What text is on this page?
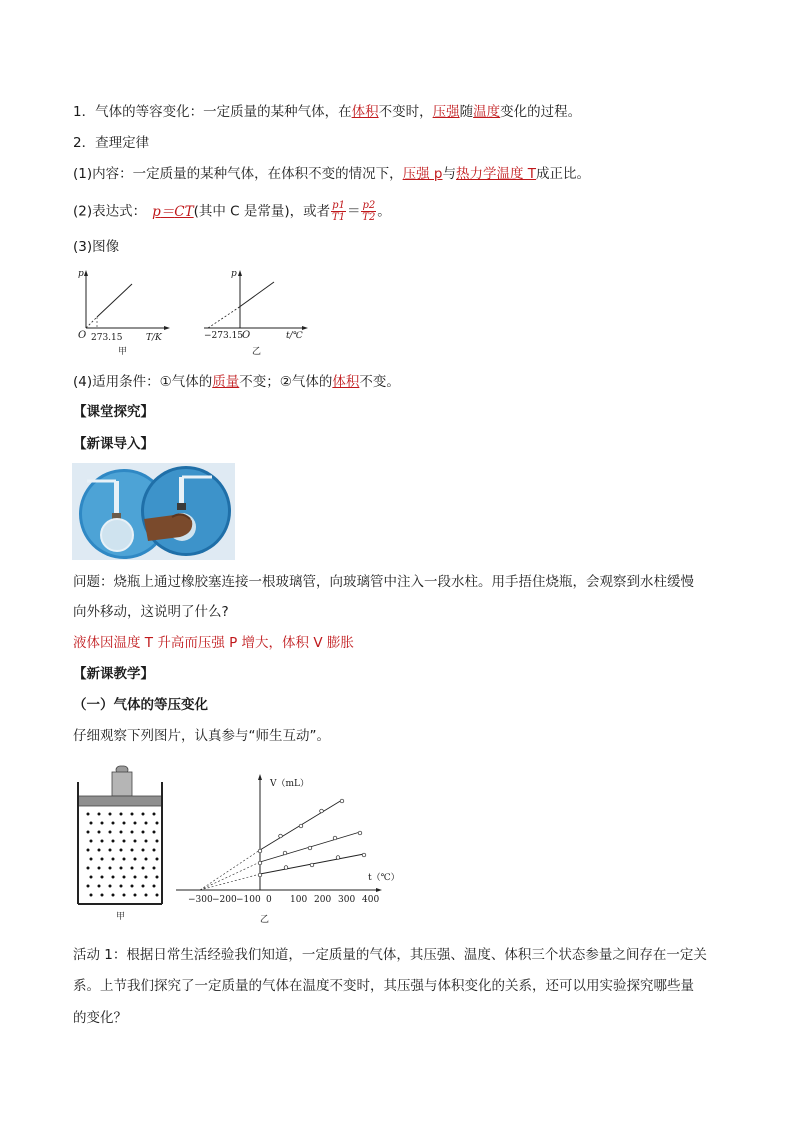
1．气体的等容变化：一定质量的某种气体，在体积不变时，压强随温度变化的过程。
2．查理定律
(1)内容：一定质量的某种气体，在体积不变的情况下，压强 p与热力学温度 T成正比。
(2)表达式： p＝CT(其中 C 是常量)，或者 $\frac{p1}{T1} = \frac{p2}{T2}$ 。
(3)图像
p
O 273.15	T/K
甲
p
O
−273.15	t/℃
乙
(4)适用条件：①气体的质量不变；②气体的体积不变。
【课堂探究】
【新课导入】
问题：烧瓶上通过橡胶塞连接一根玻璃管，向玻璃管中注入一段水柱。用手捂住烧瓶，会观察到水柱缓慢
向外移动，这说明了什么?
液体因温度 T 升高而压强 P 增大，体积 V 膨胀
【新课教学】
（一）气体的等压变化
仔细观察下列图片，认真参与“师生互动”。
甲
−300 −200 −100 0 100 200 300 400
V（mL）
t（℃）
乙
活动 1：根据日常生活经验我们知道，一定质量的气体，其压强、温度、体积三个状态参量之间存在一定关
系。上节我们探究了一定质量的气体在温度不变时，其压强与体积变化的关系，还可以用实验探究哪些量
的变化？
